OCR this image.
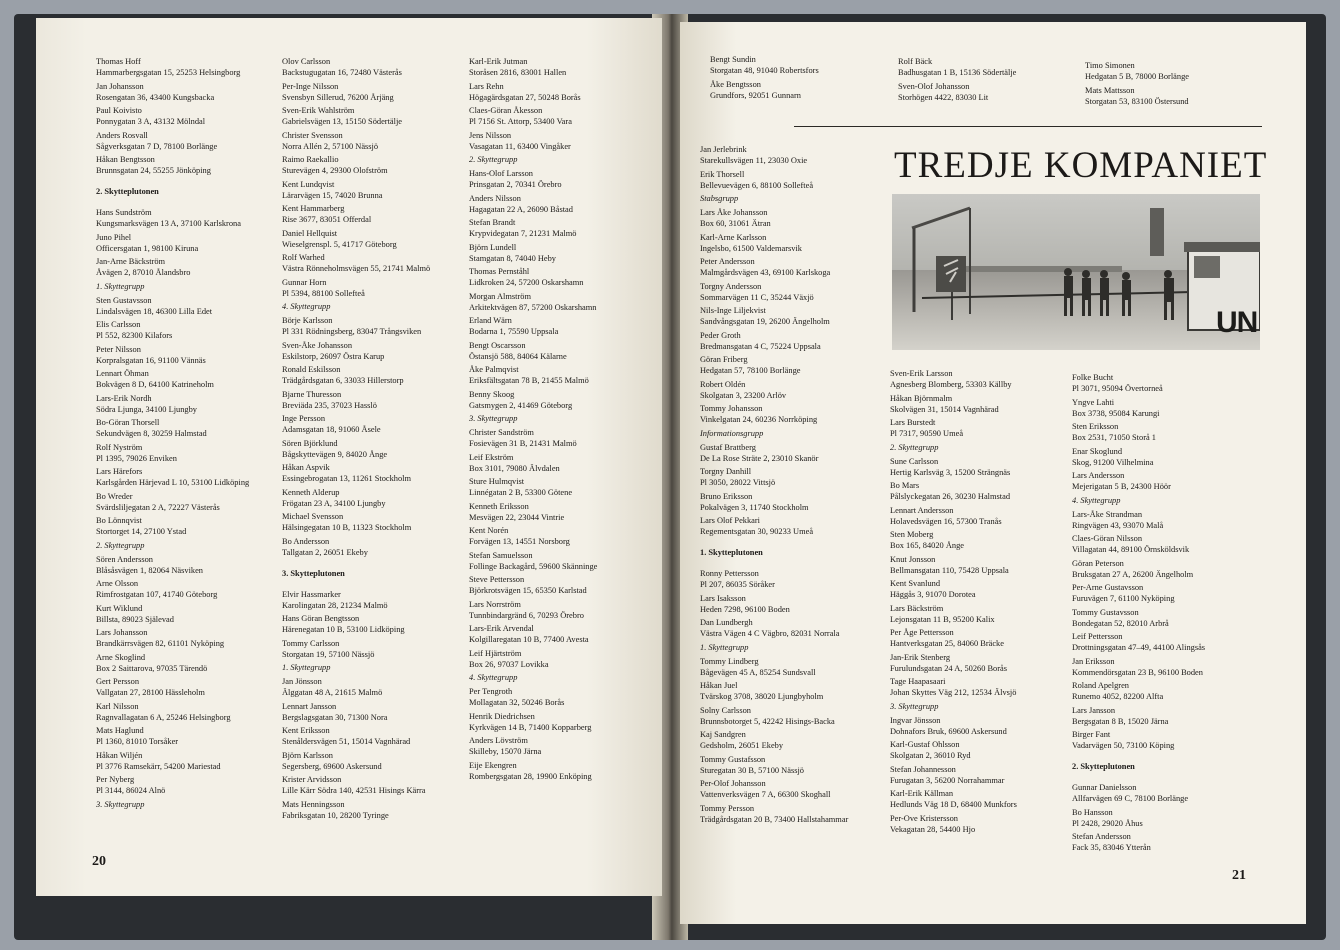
Thomas Hoff
Hammarbergsgatan 15, 25253 Helsingborg
Jan Johansson
Rosengatan 36, 43400 Kungsbacka
Paul Koivisto
Ponnygatan 3 A, 43132 Mölndal
Anders Rosvall
Sågverksgatan 7 D, 78100 Borlänge
Håkan Bengtsson
Brunnsgatan 24, 55255 Jönköping
2. Skytteplutonen
Hans Sundström
Kungsmarksvägen 13 A, 37100 Karlskrona
Juno Pihel
Officersgatan 1, 98100 Kiruna
Jan-Arne Bäckström
Åvägen 2, 87010 Ålandsbro
1. Skyttegrupp
Sten Gustavsson
Lindalsvägen 18, 46300 Lilla Edet
Elis Carlsson
Pl 552, 82300 Kilafors
Peter Nilsson
Korpralsgatan 16, 91100 Vännäs
Lennart Öhman
Bokvägen 8 D, 64100 Katrineholm
Lars-Erik Nordh
Södra Ljunga, 34100 Ljungby
Bo-Göran Thorsell
Sekundvägen 8, 30259 Halmstad
Rolf Nyström
Pl 1395, 79026 Enviken
Lars Härefors
Karlsgården Härjevad L 10, 53100 Lidköping
Bo Wreder
Svärdsliljegatan 2 A, 72227 Västerås
Bo Lönnqvist
Stortorget 14, 27100 Ystad
2. Skyttegrupp
Sören Andersson
Blåsåsvägen 1, 82064 Näsviken
Arne Olsson
Rimfrostgatan 107, 41740 Göteborg
Kurt Wiklund
Billsta, 89023 Själevad
Lars Johansson
Brandkärrsvägen 82, 61101 Nyköping
Arne Skoglind
Box 2 Saittarova, 97035 Tärendö
Gert Persson
Vallgatan 27, 28100 Hässleholm
Karl Nilsson
Ragnvallagatan 6 A, 25246 Helsingborg
Mats Haglund
Pl 1360, 81010 Torsåker
Håkan Wiljén
Pl 3776 Ramsekärr, 54200 Mariestad
Per Nyberg
Pl 3144, 86024 Alnö
3. Skyttegrupp
Olov Carlsson
Backstugugatan 16, 72480 Västerås
Per-Inge Nilsson
Svensbyn Sillerud, 76200 Årjäng
Sven-Erik Wahlström
Gabrielsvägen 13, 15150 Södertälje
Christer Svensson
Norra Allén 2, 57100 Nässjö
Raimo Raekallio
Sturevägen 4, 29300 Olofström
Kent Lundqvist
Lärarvägen 15, 74020 Brunna
Kent Hammarberg
Rise 3677, 83051 Offerdal
Daniel Hellquist
Wieselgrenspl. 5, 41717 Göteborg
Rolf Warhed
Västra Rönneholmsvägen 55, 21741 Malmö
Gunnar Horn
Pl 5394, 88100 Sollefteå
4. Skyttegrupp
Börje Karlsson
Pl 331 Rödningsberg, 83047 Trångsviken
Sven-Åke Johansson
Eskilstorp, 26097 Östra Karup
Ronald Eskilsson
Trädgårdsgatan 6, 33033 Hillerstorp
Bjarne Thuresson
Breviäda 235, 37023 Hasslö
Inge Persson
Adamsgatan 18, 91060 Åsele
Sören Björklund
Bågskyttevägen 9, 84020 Ånge
Håkan Aspvik
Essingebrogatan 13, 11261 Stockholm
Kenneth Alderup
Frögatan 23 A, 34100 Ljungby
Michael Svensson
Hälsingegatan 10 B, 11323 Stockholm
Bo Andersson
Tallgatan 2, 26051 Ekeby
3. Skytteplutonen
Elvir Hassmarker
Karolingatan 28, 21234 Malmö
Hans Göran Bengtsson
Härenegatan 10 B, 53100 Lidköping
Tommy Carlsson
Storgatan 19, 57100 Nässjö
1. Skyttegrupp
Jan Jönsson
Älggatan 48 A, 21615 Malmö
Lennart Jansson
Bergslagsgatan 30, 71300 Nora
Kent Eriksson
Stenåldersvägen 51, 15014 Vagnhärad
Björn Karlsson
Segersberg, 69600 Askersund
Krister Arvidsson
Lille Kärr Södra 140, 42531 Hisings Kärra
Mats Henningsson
Fabriksgatan 10, 28200 Tyringe
Karl-Erik Jutman
Storåsen 2816, 83001 Hallen
Lars Rehn
Högagärdsgatan 27, 50248 Borås
Claes-Göran Åkesson
Pl 7156 St. Attorp, 53400 Vara
Jens Nilsson
Vasagatan 11, 63400 Vingåker
2. Skyttegrupp
Hans-Olof Larsson
Prinsgatan 2, 70341 Örebro
Anders Nilsson
Hagagatan 22 A, 26090 Båstad
Stefan Brandt
Krypvidegatan 7, 21231 Malmö
Björn Lundell
Stamgatan 8, 74040 Heby
Thomas Pernståhl
Lidkroken 24, 57200 Oskarshamn
Morgan Almström
Arkitektvägen 87, 57200 Oskarshamn
Erland Wärn
Bodarna 1, 75590 Uppsala
Bengt Oscarsson
Östansjö 588, 84064 Kälarne
Åke Palmqvist
Eriksfältsgatan 78 B, 21455 Malmö
Benny Skoog
Gatsmygen 2, 41469 Göteborg
3. Skyttegrupp
Christer Sandström
Fosievägen 31 B, 21431 Malmö
Leif Ekström
Box 3101, 79080 Älvdalen
Sture Hulmqvist
Linnégatan 2 B, 53300 Götene
Kenneth Eriksson
Mesvägen 22, 23044 Vintrie
Kent Norén
Forvägen 13, 14551 Norsborg
Stefan Samuelsson
Follinge Backagård, 59600 Skänninge
Steve Pettersson
Björkrotsvägen 15, 65350 Karlstad
Lars Norrström
Tunnbindargränd 6, 70293 Örebro
Lars-Erik Arvendal
Kolgillaregatan 10 B, 77400 Avesta
Leif Hjärtström
Box 26, 97037 Lovikka
4. Skyttegrupp
Per Tengroth
Mollagatan 32, 50246 Borås
Henrik Diedrichsen
Kyrkvägen 14 B, 71400 Kopparberg
Anders Lövström
Skilleby, 15070 Järna
Eije Ekengren
Rombergsgatan 28, 19900 Enköping
20
Bengt Sundin
Storgatan 48, 91040 Robertsfors
Åke Bengtsson
Grundfors, 92051 Gunnarn
Rolf Bäck
Badhusgatan 1 B, 15136 Södertälje
Sven-Olof Johansson
Storhögen 4422, 83030 Lit
Timo Simonen
Hedgatan 5 B, 78000 Borlänge
Mats Mattsson
Storgatan 53, 83100 Östersund
TREDJE KOMPANIET
UN
Jan Jerlebrink
Starekullsvägen 11, 23030 Oxie
Erik Thorsell
Bellevuevägen 6, 88100 Sollefteå
Stabsgrupp
Lars Åke Johansson
Box 60, 31061 Ätran
Karl-Arne Karlsson
Ingelsbo, 61500 Valdemarsvik
Peter Andersson
Malmgårdsvägen 43, 69100 Karlskoga
Torgny Andersson
Sommarvägen 11 C, 35244 Växjö
Nils-Inge Liljekvist
Sandvångsgatan 19, 26200 Ängelholm
Peder Groth
Bredmansgatan 4 C, 75224 Uppsala
Göran Friberg
Hedgatan 57, 78100 Borlänge
Robert Oldén
Skolgatan 3, 23200 Arlöv
Tommy Johansson
Vinkelgatan 24, 60236 Norrköping
Informationsgrupp
Gustaf Brattberg
De La Rose Sträte 2, 23010 Skanör
Torgny Danhill
Pl 3050, 28022 Vittsjö
Bruno Eriksson
Pokalvägen 3, 11740 Stockholm
Lars Olof Pekkari
Regementsgatan 30, 90233 Umeå
1. Skytteplutonen
Ronny Pettersson
Pl 207, 86035 Söråker
Lars Isaksson
Heden 7298, 96100 Boden
Dan Lundbergh
Västra Vägen 4 C Vägbro, 82031 Norrala
1. Skyttegrupp
Tommy Lindberg
Bågevägen 45 A, 85254 Sundsvall
Håkan Juel
Tvärskog 3708, 38020 Ljungbyholm
Solny Carlsson
Brunnsbotorget 5, 42242 Hisings-Backa
Kaj Sandgren
Gedsholm, 26051 Ekeby
Tommy Gustafsson
Sturegatan 30 B, 57100 Nässjö
Per-Olof Johansson
Vattenverksvägen 7 A, 66300 Skoghall
Tommy Persson
Trädgårdsgatan 20 B, 73400 Hallstahammar
Sven-Erik Larsson
Agnesberg Blomberg, 53303 Källby
Håkan Björnmalm
Skolvägen 31, 15014 Vagnhärad
Lars Burstedt
Pl 7317, 90590 Umeå
2. Skyttegrupp
Sune Carlsson
Hertig Karlsväg 3, 15200 Strängnäs
Bo Mars
Pålslyckegatan 26, 30230 Halmstad
Lennart Andersson
Holavedsvägen 16, 57300 Tranås
Sten Moberg
Box 165, 84020 Ånge
Knut Jonsson
Bellmansgatan 110, 75428 Uppsala
Kent Svanlund
Häggås 3, 91070 Dorotea
Lars Bäckström
Lejonsgatan 11 B, 95200 Kalix
Per Åge Pettersson
Hantverksgatan 25, 84060 Bräcke
Jan-Erik Stenberg
Furulundsgatan 24 A, 50260 Borås
Tage Haapasaari
Johan Skyttes Väg 212, 12534 Älvsjö
3. Skyttegrupp
Ingvar Jönsson
Dohnafors Bruk, 69600 Askersund
Karl-Gustaf Ohlsson
Skolgatan 2, 36010 Ryd
Stefan Johannesson
Furugatan 3, 56200 Norrahammar
Karl-Erik Källman
Hedlunds Väg 18 D, 68400 Munkfors
Per-Ove Kristersson
Vekagatan 28, 54400 Hjo
Folke Bucht
Pl 3071, 95094 Övertorneå
Yngve Lahti
Box 3738, 95084 Karungi
Sten Eriksson
Box 2531, 71050 Storå 1
Enar Skoglund
Skog, 91200 Vilhelmina
Lars Andersson
Mejerigatan 5 B, 24300 Höör
4. Skyttegrupp
Lars-Åke Strandman
Ringvägen 43, 93070 Malå
Claes-Göran Nilsson
Villagatan 44, 89100 Örnsköldsvik
Göran Peterson
Bruksgatan 27 A, 26200 Ängelholm
Per-Arne Gustavsson
Furuvägen 7, 61100 Nyköping
Tommy Gustavsson
Bondegatan 52, 82010 Arbrå
Leif Pettersson
Drottningsgatan 47–49, 44100 Alingsås
Jan Eriksson
Kommendörsgatan 23 B, 96100 Boden
Roland Apelgren
Runemo 4052, 82200 Alfta
Lars Jansson
Bergsgatan 8 B, 15020 Järna
Birger Fant
Vadarvägen 50, 73100 Köping
2. Skytteplutonen
Gunnar Danielsson
Allfarvägen 69 C, 78100 Borlänge
Bo Hansson
Pl 2428, 29020 Åhus
Stefan Andersson
Fack 35, 83046 Ytterån
21
